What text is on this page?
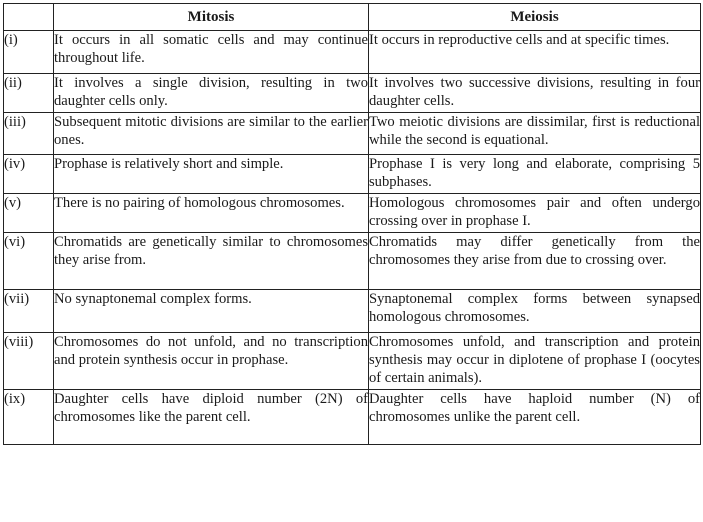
	Mitosis	Meiosis
(i)	It occurs in all somatic cells and may continue throughout life.	It occurs in reproductive cells and at specific times.
(ii)	It involves a single division, resulting in two daughter cells only.	It involves two successive divisions, resulting in four daughter cells.
(iii)	Subsequent mitotic divisions are similar to the earlier ones.	Two meiotic divisions are dissimilar, first is reductional while the second is equational.
(iv)	Prophase is relatively short and simple.	Prophase I is very long and elaborate, comprising 5 subphases.
(v)	There is no pairing of homologous chromosomes.	Homologous chromosomes pair and often undergo crossing over in prophase I.
(vi)	Chromatids are genetically similar to chromosomes they arise from.	Chromatids may differ genetically from the chromosomes they arise from due to crossing over.
(vii)	No synaptonemal complex forms.	Synaptonemal complex forms between synapsed homologous chromosomes.
(viii)	Chromosomes do not unfold, and no transcription and protein synthesis occur in prophase.	Chromosomes unfold, and transcription and protein synthesis may occur in diplotene of prophase I (oocytes of certain animals).
(ix)	Daughter cells have diploid number (2N) of chromosomes like the parent cell.	Daughter cells have haploid number (N) of chromosomes unlike the parent cell.
